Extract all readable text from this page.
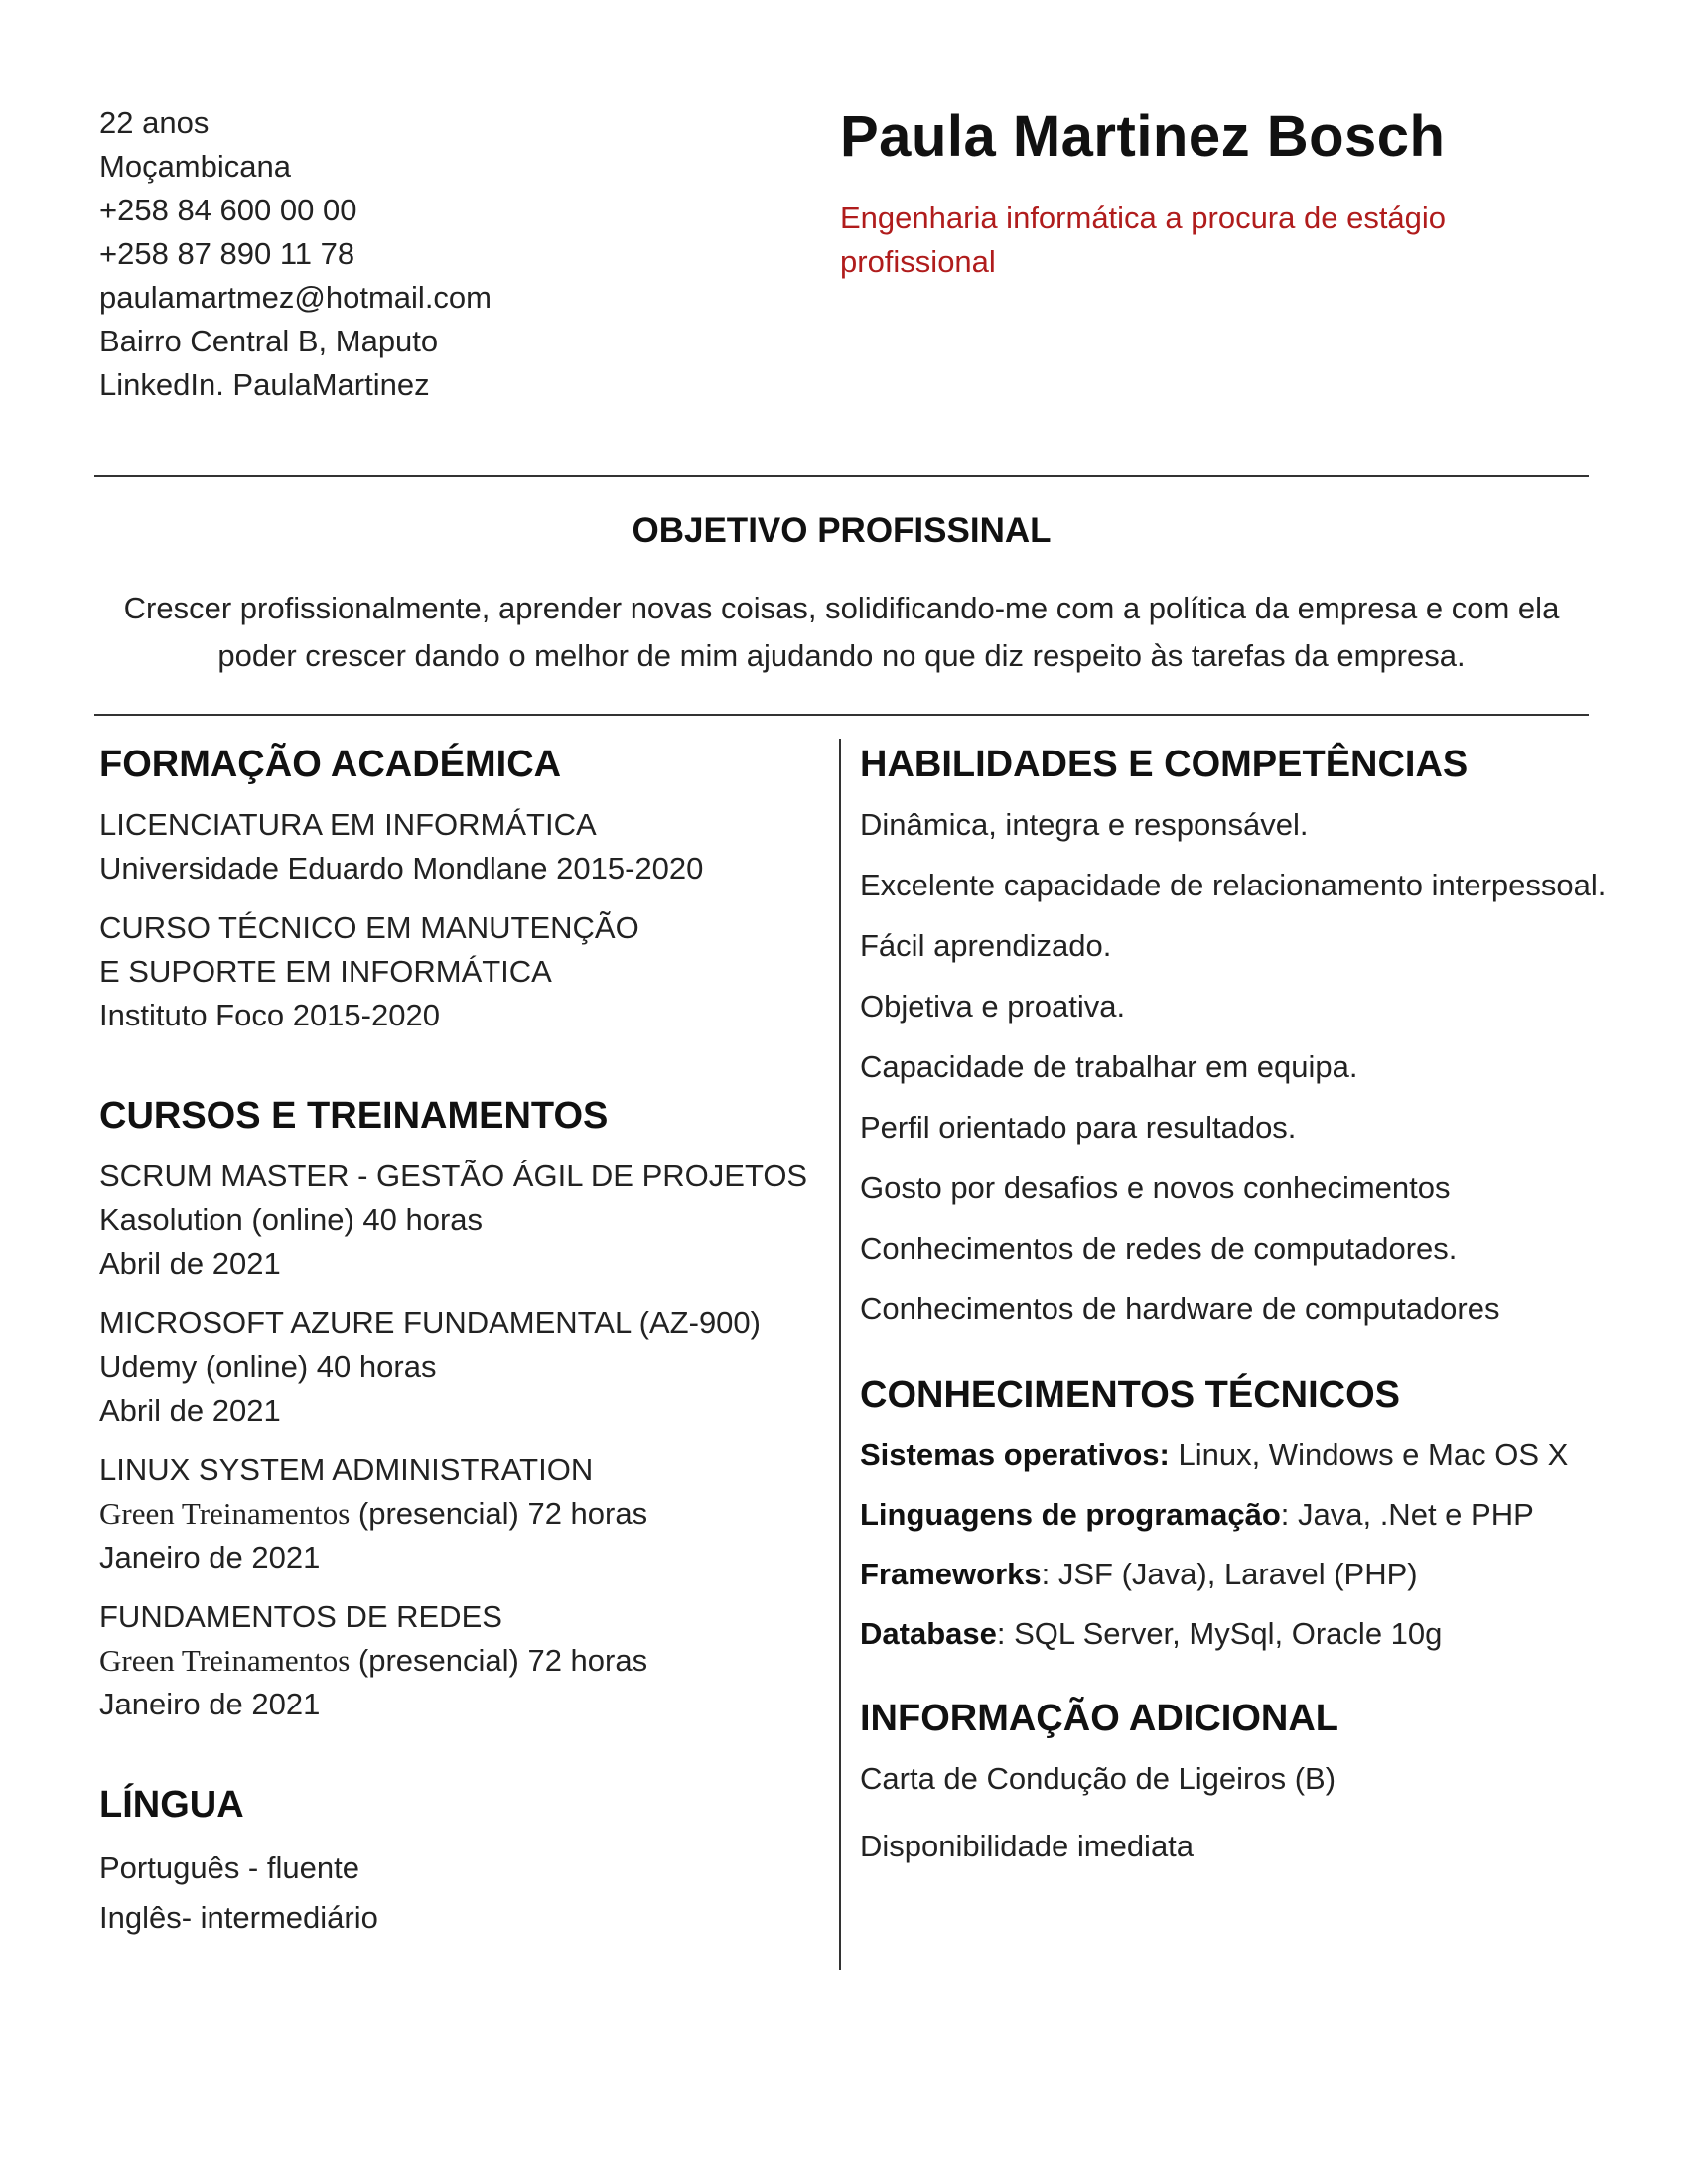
22 anos
Moçambicana
+258 84 600 00 00
+258 87 890 11 78
paulamartmez@hotmail.com
Bairro Central B, Maputo
LinkedIn. PaulaMartinez
Paula Martinez Bosch
Engenharia informática a procura de estágio profissional
OBJETIVO PROFISSINAL

Crescer profissionalmente, aprender novas coisas, solidificando-me com a política da empresa e com ela poder crescer dando o melhor de mim ajudando no que diz respeito às tarefas da empresa.

FORMAÇÃO ACADÉMICA
LICENCIATURA EM INFORMÁTICA
Universidade Eduardo Mondlane 2015-2020
CURSO TÉCNICO EM MANUTENÇÃO
E SUPORTE EM INFORMÁTICA
Instituto Foco 2015-2020
CURSOS E TREINAMENTOS
SCRUM MASTER - GESTÃO ÁGIL DE PROJETOS
Kasolution (online) 40 horas
Abril de 2021
MICROSOFT AZURE FUNDAMENTAL (AZ-900)
Udemy (online) 40 horas
Abril de 2021
LINUX SYSTEM ADMINISTRATION
Green Treinamentos (presencial) 72 horas
Janeiro de 2021
FUNDAMENTOS DE REDES
Green Treinamentos (presencial) 72 horas
Janeiro de 2021
LÍNGUA
Português - fluente
Inglês- intermediário
HABILIDADES E COMPETÊNCIAS
Dinâmica, integra e responsável.
Excelente capacidade de relacionamento interpessoal.
Fácil aprendizado.
Objetiva e proativa.
Capacidade de trabalhar em equipa.
Perfil orientado para resultados.
Gosto por desafios e novos conhecimentos
Conhecimentos de redes de computadores.
Conhecimentos de hardware de computadores
CONHECIMENTOS TÉCNICOS
Sistemas operativos: Linux, Windows e Mac OS X
Linguagens de programação: Java, .Net e PHP
Frameworks: JSF (Java), Laravel (PHP)
Database: SQL Server, MySql, Oracle 10g
INFORMAÇÃO ADICIONAL
Carta de Condução de Ligeiros (B)
Disponibilidade imediata
